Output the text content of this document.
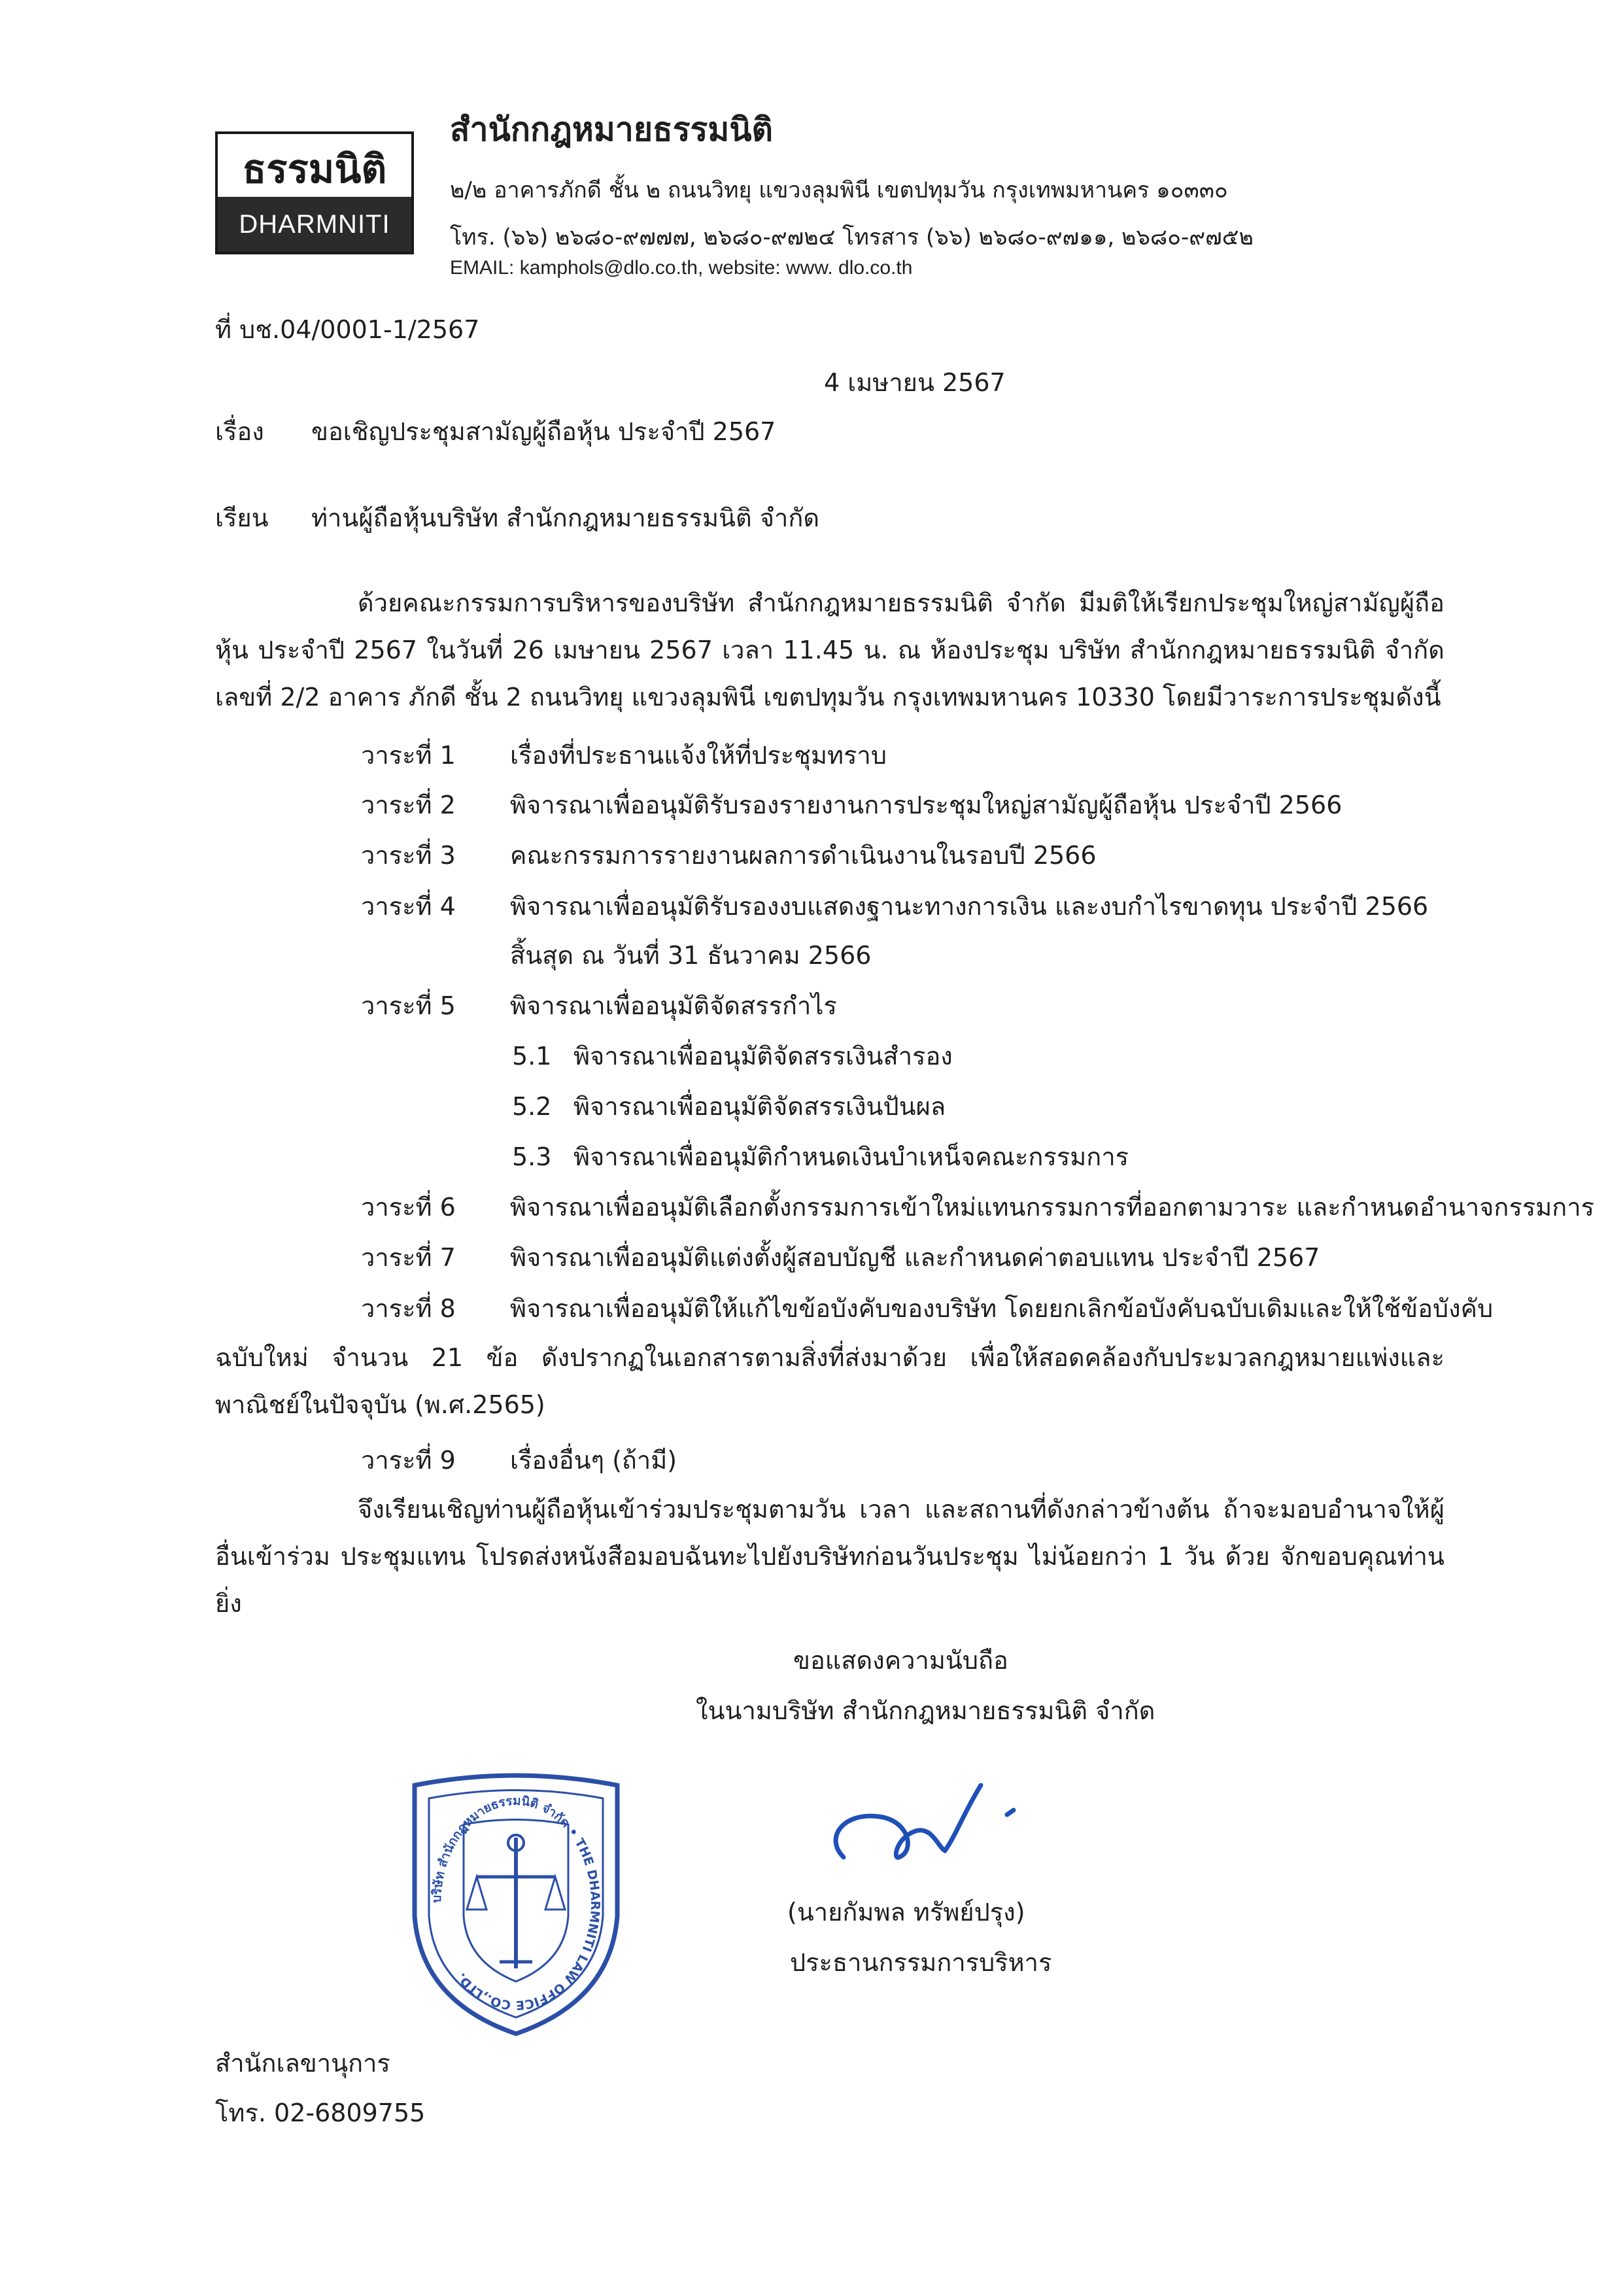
ธรรมนิติ
DHARMNITI
สำนักกฎหมายธรรมนิติ
๒/๒ อาคารภักดี ชั้น ๒ ถนนวิทยุ แขวงลุมพินี เขตปทุมวัน กรุงเทพมหานคร ๑๐๓๓๐
โทร. (๖๖) ๒๖๘๐-๙๗๗๗, ๒๖๘๐-๙๗๒๔ โทรสาร (๖๖) ๒๖๘๐-๙๗๑๑, ๒๖๘๐-๙๗๕๒
EMAIL: kamphols@dlo.co.th, website: www. dlo.co.th
ที่ บช.04/0001-1/2567
4 เมษายน 2567
เรื่อง ขอเชิญประชุมสามัญผู้ถือหุ้น ประจำปี 2567
เรียน ท่านผู้ถือหุ้นบริษัท สำนักกฎหมายธรรมนิติ จำกัด
ด้วยคณะกรรมการบริหารของบริษัท สำนักกฎหมายธรรมนิติ จำกัด มีมติให้เรียกประชุมใหญ่สามัญผู้ถือหุ้น ประจำปี 2567 ในวันที่ 26 เมษายน 2567 เวลา 11.45 น. ณ ห้องประชุม บริษัท สำนักกฎหมายธรรมนิติ จำกัด เลขที่ 2/2 อาคาร ภักดี ชั้น 2 ถนนวิทยุ แขวงลุมพินี เขตปทุมวัน กรุงเทพมหานคร 10330 โดยมีวาระการประชุมดังนี้
วาระที่ 1 เรื่องที่ประธานแจ้งให้ที่ประชุมทราบ
วาระที่ 2 พิจารณาเพื่ออนุมัติรับรองรายงานการประชุมใหญ่สามัญผู้ถือหุ้น ประจำปี 2566
วาระที่ 3 คณะกรรมการรายงานผลการดำเนินงานในรอบปี 2566
วาระที่ 4 พิจารณาเพื่ออนุมัติรับรองงบแสดงฐานะทางการเงิน และงบกำไรขาดทุน ประจำปี 2566
สิ้นสุด ณ วันที่ 31 ธันวาคม 2566
วาระที่ 5 พิจารณาเพื่ออนุมัติจัดสรรกำไร
5.1 พิจารณาเพื่ออนุมัติจัดสรรเงินสำรอง
5.2 พิจารณาเพื่ออนุมัติจัดสรรเงินปันผล
5.3 พิจารณาเพื่ออนุมัติกำหนดเงินบำเหน็จคณะกรรมการ
วาระที่ 6 พิจารณาเพื่ออนุมัติเลือกตั้งกรรมการเข้าใหม่แทนกรรมการที่ออกตามวาระ และกำหนดอำนาจกรรมการ
วาระที่ 7 พิจารณาเพื่ออนุมัติแต่งตั้งผู้สอบบัญชี และกำหนดค่าตอบแทน ประจำปี 2567
วาระที่ 8 พิจารณาเพื่ออนุมัติให้แก้ไขข้อบังคับของบริษัท โดยยกเลิกข้อบังคับฉบับเดิมและให้ใช้ข้อบังคับ
ฉบับใหม่ จำนวน 21 ข้อ ดังปรากฏในเอกสารตามสิ่งที่ส่งมาด้วย เพื่อให้สอดคล้องกับประมวลกฎหมายแพ่งและพาณิชย์ในปัจจุบัน (พ.ศ.2565)
วาระที่ 9 เรื่องอื่นๆ (ถ้ามี)
จึงเรียนเชิญท่านผู้ถือหุ้นเข้าร่วมประชุมตามวัน เวลา และสถานที่ดังกล่าวข้างต้น ถ้าจะมอบอำนาจให้ผู้อื่นเข้าร่วม ประชุมแทน โปรดส่งหนังสือมอบฉันทะไปยังบริษัทก่อนวันประชุม ไม่น้อยกว่า 1 วัน ด้วย จักขอบคุณท่านยิ่ง
ขอแสดงความนับถือ
ในนามบริษัท สำนักกฎหมายธรรมนิติ จำกัด
บริษัท สำนักกฎหมายธรรมนิติ จำกัด • THE DHARMNITI LAW OFFICE CO.,LTD.
(นายกัมพล ทรัพย์ปรุง)
ประธานกรรมการบริหาร
สำนักเลขานุการ
โทร. 02-6809755
